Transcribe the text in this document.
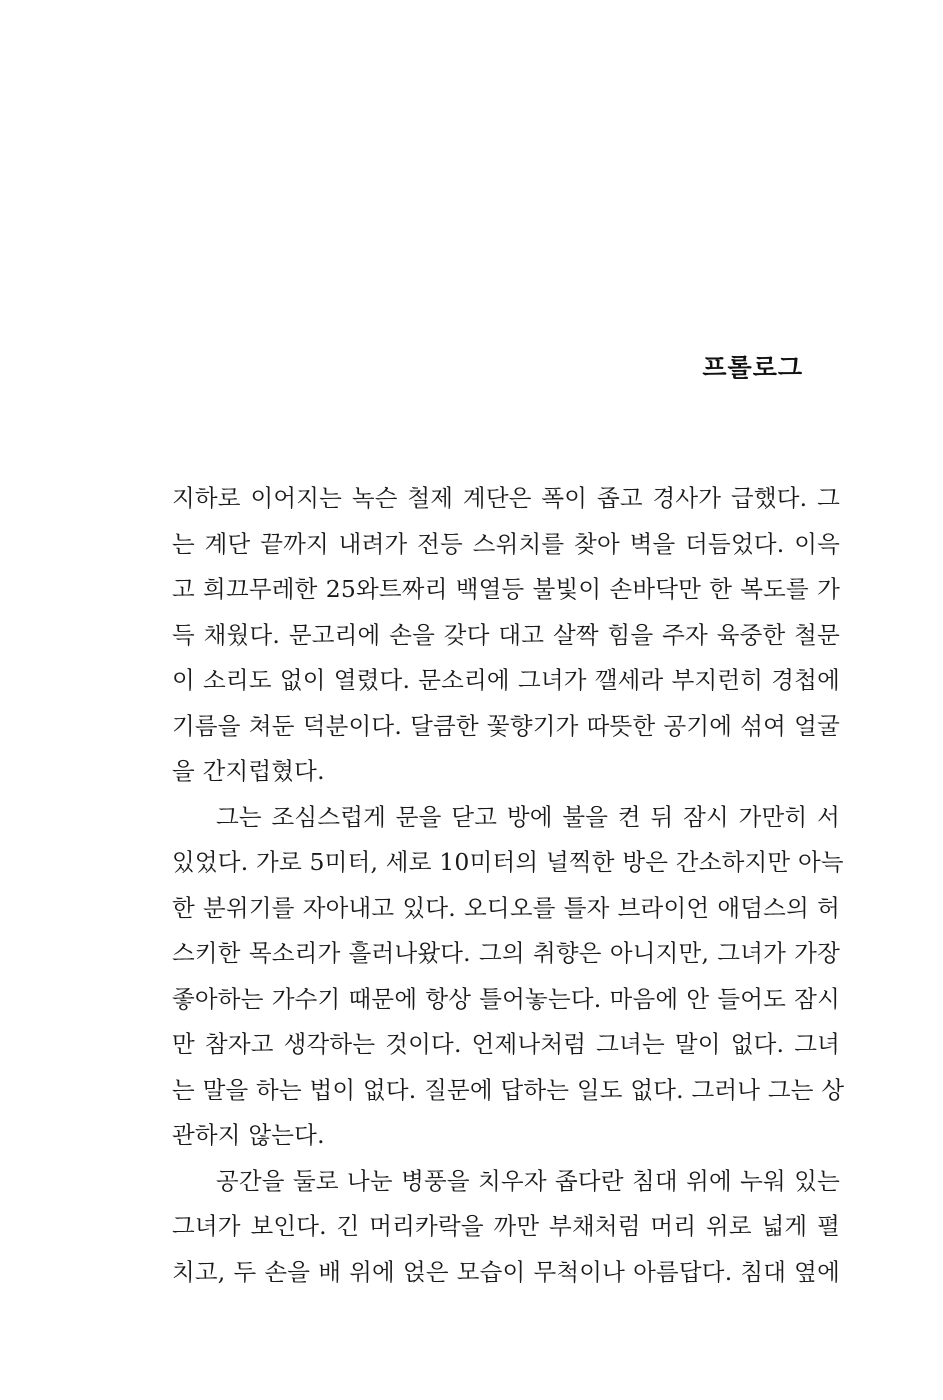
프롤로그
지하로 이어지는 녹슨 철제 계단은 폭이 좁고 경사가 급했다. 그
는 계단 끝까지 내려가 전등 스위치를 찾아 벽을 더듬었다. 이윽
고 희끄무레한 25와트짜리 백열등 불빛이 손바닥만 한 복도를 가
득 채웠다. 문고리에 손을 갖다 대고 살짝 힘을 주자 육중한 철문
이 소리도 없이 열렸다. 문소리에 그녀가 깰세라 부지런히 경첩에
기름을 쳐둔 덕분이다. 달큼한 꽃향기가 따뜻한 공기에 섞여 얼굴
을 간지럽혔다.
그는 조심스럽게 문을 닫고 방에 불을 켠 뒤 잠시 가만히 서
있었다. 가로 5미터, 세로 10미터의 널찍한 방은 간소하지만 아늑
한 분위기를 자아내고 있다. 오디오를 틀자 브라이언 애덤스의 허
스키한 목소리가 흘러나왔다. 그의 취향은 아니지만, 그녀가 가장
좋아하는 가수기 때문에 항상 틀어놓는다. 마음에 안 들어도 잠시
만 참자고 생각하는 것이다. 언제나처럼 그녀는 말이 없다. 그녀
는 말을 하는 법이 없다. 질문에 답하는 일도 없다. 그러나 그는 상
관하지 않는다.
공간을 둘로 나눈 병풍을 치우자 좁다란 침대 위에 누워 있는
그녀가 보인다. 긴 머리카락을 까만 부채처럼 머리 위로 넓게 펼
치고, 두 손을 배 위에 얹은 모습이 무척이나 아름답다. 침대 옆에
